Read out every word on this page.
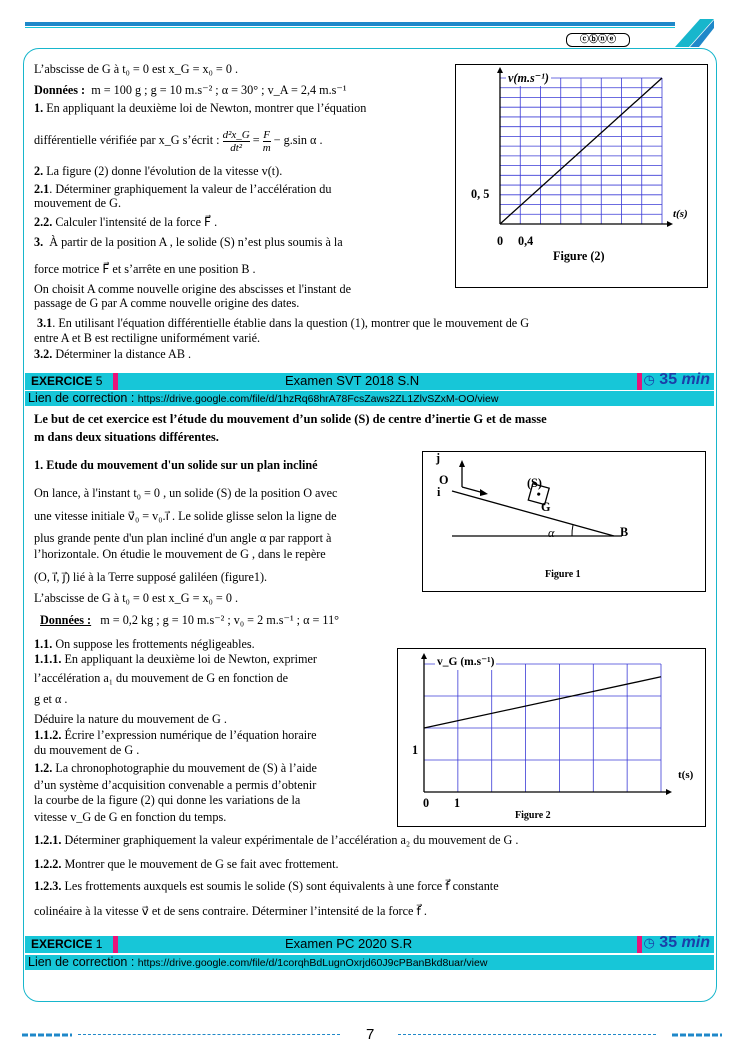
ⓒⓑⓝⓔ
L’abscisse de G à t₀ = 0 est x_G = x₀ = 0 .
Données : m = 100 g ; g = 10 m.s⁻² ; α = 30° ; v_A = 2,4 m.s⁻¹
1. En appliquant la deuxième loi de Newton, montrer que l’équation
différentielle vérifiée par x_G s’écrit : $\frac{\text{d²x\_G}}{\text{dt²}} = \frac{F}{m} - g.\sin$ α .
2. La figure (2) donne l'évolution de la vitesse v(t).
2.1. Déterminer graphiquement la valeur de l’accélération du
mouvement de G.
2.2. Calculer l'intensité de la force F⃗ .
3. À partir de la position A , le solide (S) n’est plus soumis à la
force motrice F⃗ et s’arrête en une position B .
On choisit A comme nouvelle origine des abscisses et l'instant de
passage de G par A comme nouvelle origine des dates.
3.1. En utilisant l'équation différentielle établie dans la question (1), montrer que le mouvement de G
entre A et B est rectiligne uniformément varié.
3.2. Déterminer la distance AB .
v(m.s⁻¹)
t(s)
0, 5
0 0,4
Figure (2)
EXERCICE 5	Examen SVT 2018 S.N	◷ 35 min
Lien de correction : https://drive.google.com/file/d/1hzRq68hrA78FcsZaws2ZL1ZlvSZxM-OO/view
Le but de cet exercice est l’étude du mouvement d’un solide (S) de centre d’inertie G et de masse
m dans deux situations différentes.
1. Etude du mouvement d'un solide sur un plan incliné
On lance, à l'instant t₀ = 0 , un solide (S) de la position O avec
une vitesse initiale v⃗₀ = v₀.i⃗ . Le solide glisse selon la ligne de
plus grande pente d'un plan incliné d'un angle α par rapport à
l’horizontale. On étudie le mouvement de G , dans le repère
(O, i⃗, j⃗) lié à la Terre supposé galiléen (figure1).
L’abscisse de G à t₀ = 0 est x_G = x₀ = 0 .
Données : m = 0,2 kg ; g = 10 m.s⁻² ; v₀ = 2 m.s⁻¹ ; α = 11°
1.1. On suppose les frottements négligeables.
1.1.1. En appliquant la deuxième loi de Newton, exprimer
l’accélération a₁ du mouvement de G en fonction de
g et α .
Déduire la nature du mouvement de G .
1.1.2. Écrire l’expression numérique de l’équation horaire
du mouvement de G .
1.2. La chronophotographie du mouvement de (S) à l’aide
d’un système d’acquisition convenable a permis d’obtenir
la courbe de la figure (2) qui donne les variations de la
vitesse v_G de G en fonction du temps.
1.2.1. Déterminer graphiquement la valeur expérimentale de l’accélération a₂ du mouvement de G .
1.2.2. Montrer que le mouvement de G se fait avec frottement.
1.2.3. Les frottements auxquels est soumis le solide (S) sont équivalents à une force f⃗ constante
colinéaire à la vitesse v⃗ et de sens contraire. Déterminer l’intensité de la force f⃗ .
j⃗
i⃗
O	(S)
G
B
α
Figure 1
v_G (m.s⁻¹)
t(s)
1
0 1
Figure 2
EXERCICE 1	Examen PC 2020 S.R	◷ 35 min
Lien de correction : https://drive.google.com/file/d/1corqhBdLugnOxrjd60J9cPBanBkd8uar/view
7
